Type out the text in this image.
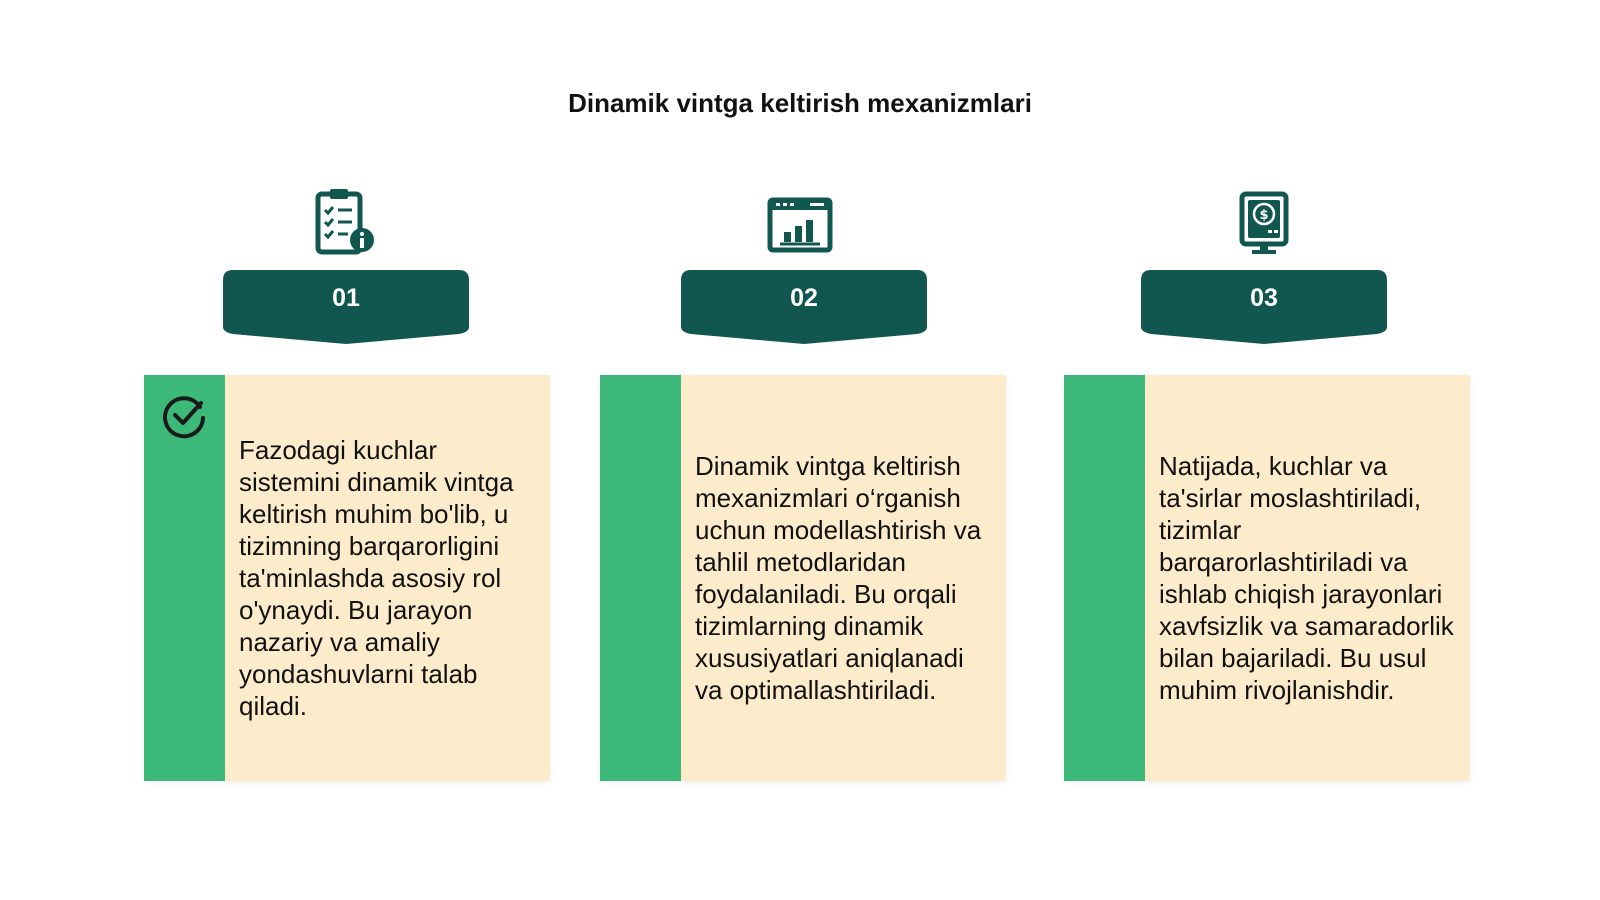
Dinamik vintga keltirish mexanizmlari
01
Fazodagi kuchlar sistemini dinamik vintga keltirish muhim bo'lib, u tizimning barqarorligini ta'minlashda asosiy rol o'ynaydi. Bu jarayon nazariy va amaliy yondashuvlarni talab qiladi.
02
Dinamik vintga keltirish mexanizmlari o‘rganish uchun modellashtirish va tahlil metodlaridan foydalaniladi. Bu orqali tizimlarning dinamik xususiyatlari aniqlanadi va optimallashtiriladi.
$
03
Natijada, kuchlar va ta'sirlar moslashtiriladi, tizimlar barqarorlashtiriladi va ishlab chiqish jarayonlari xavfsizlik va samaradorlik bilan bajariladi. Bu usul muhim rivojlanishdir.
